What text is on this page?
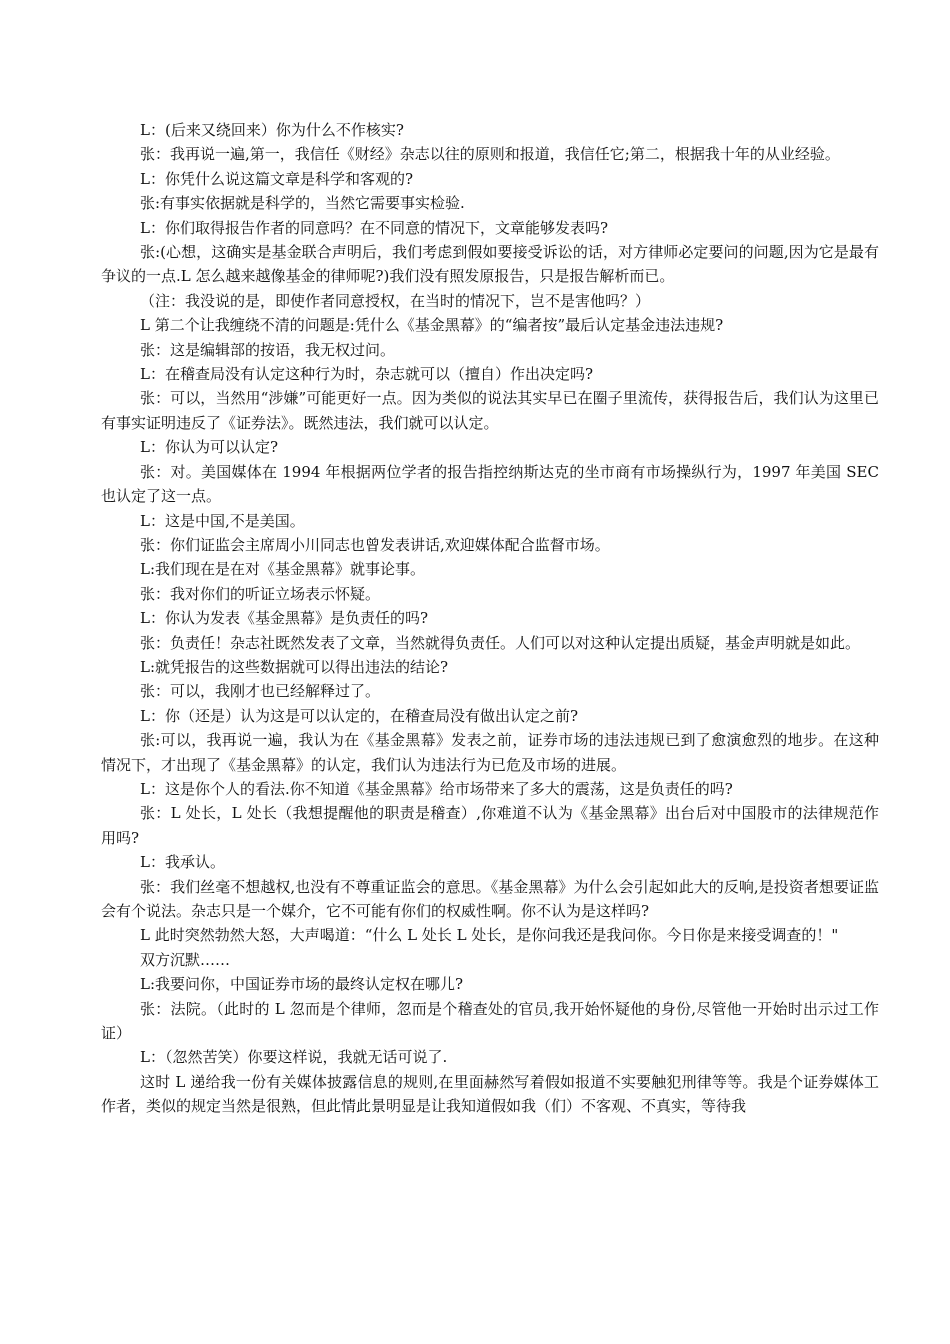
L：(后来又绕回来）你为什么不作核实?

张：我再说一遍,第一，我信任《财经》杂志以往的原则和报道，我信任它;第二，根据我十年的从业经验。

L：你凭什么说这篇文章是科学和客观的?

张:有事实依据就是科学的，当然它需要事实检验.

L：你们取得报告作者的同意吗？在不同意的情况下，文章能够发表吗?

张:(心想，这确实是基金联合声明后，我们考虑到假如要接受诉讼的话，对方律师必定要问的问题,因为它是最有争议的一点.L 怎么越来越像基金的律师呢?)我们没有照发原报告，只是报告解析而已。

（注：我没说的是，即使作者同意授权，在当时的情况下，岂不是害他吗？）

L 第二个让我缠绕不清的问题是:凭什么《基金黑幕》的“编者按”最后认定基金违法违规?

张：这是编辑部的按语，我无权过问。

L：在稽查局没有认定这种行为时，杂志就可以（擅自）作出决定吗?

张：可以，当然用“涉嫌”可能更好一点。因为类似的说法其实早已在圈子里流传，获得报告后，我们认为这里已有事实证明违反了《证券法》。既然违法，我们就可以认定。

L：你认为可以认定?

张：对。美国媒体在 1994 年根据两位学者的报告指控纳斯达克的坐市商有市场操纵行为，1997 年美国 SEC 也认定了这一点。

L：这是中国,不是美国。

张：你们证监会主席周小川同志也曾发表讲话,欢迎媒体配合监督市场。

L:我们现在是在对《基金黑幕》就事论事。

张：我对你们的听证立场表示怀疑。

L：你认为发表《基金黑幕》是负责任的吗?

张：负责任！杂志社既然发表了文章，当然就得负责任。人们可以对这种认定提出质疑，基金声明就是如此。

L:就凭报告的这些数据就可以得出违法的结论?

张：可以，我刚才也已经解释过了。

L：你（还是）认为这是可以认定的，在稽查局没有做出认定之前?

张:可以，我再说一遍，我认为在《基金黑幕》发表之前，证券市场的违法违规已到了愈演愈烈的地步。在这种情况下，才出现了《基金黑幕》的认定，我们认为违法行为已危及市场的进展。

L：这是你个人的看法.你不知道《基金黑幕》给市场带来了多大的震荡，这是负责任的吗?

张：L 处长，L 处长（我想提醒他的职责是稽查）,你难道不认为《基金黑幕》出台后对中国股市的法律规范作用吗?

L：我承认。

张：我们丝毫不想越权,也没有不尊重证监会的意思。《基金黑幕》为什么会引起如此大的反响,是投资者想要证监会有个说法。杂志只是一个媒介，它不可能有你们的权威性啊。你不认为是这样吗?

L 此时突然勃然大怒，大声喝道：“什么 L 处长 L 处长，是你问我还是我问你。今日你是来接受调查的！"

双方沉默……

L:我要问你，中国证券市场的最终认定权在哪儿?

张：法院。（此时的 L 忽而是个律师，忽而是个稽查处的官员,我开始怀疑他的身份,尽管他一开始时出示过工作证）

L：（忽然苦笑）你要这样说，我就无话可说了.

这时 L 递给我一份有关媒体披露信息的规则,在里面赫然写着假如报道不实要触犯刑律等等。我是个证券媒体工作者，类似的规定当然是很熟，但此情此景明显是让我知道假如我（们）不客观、不真实，等待我
